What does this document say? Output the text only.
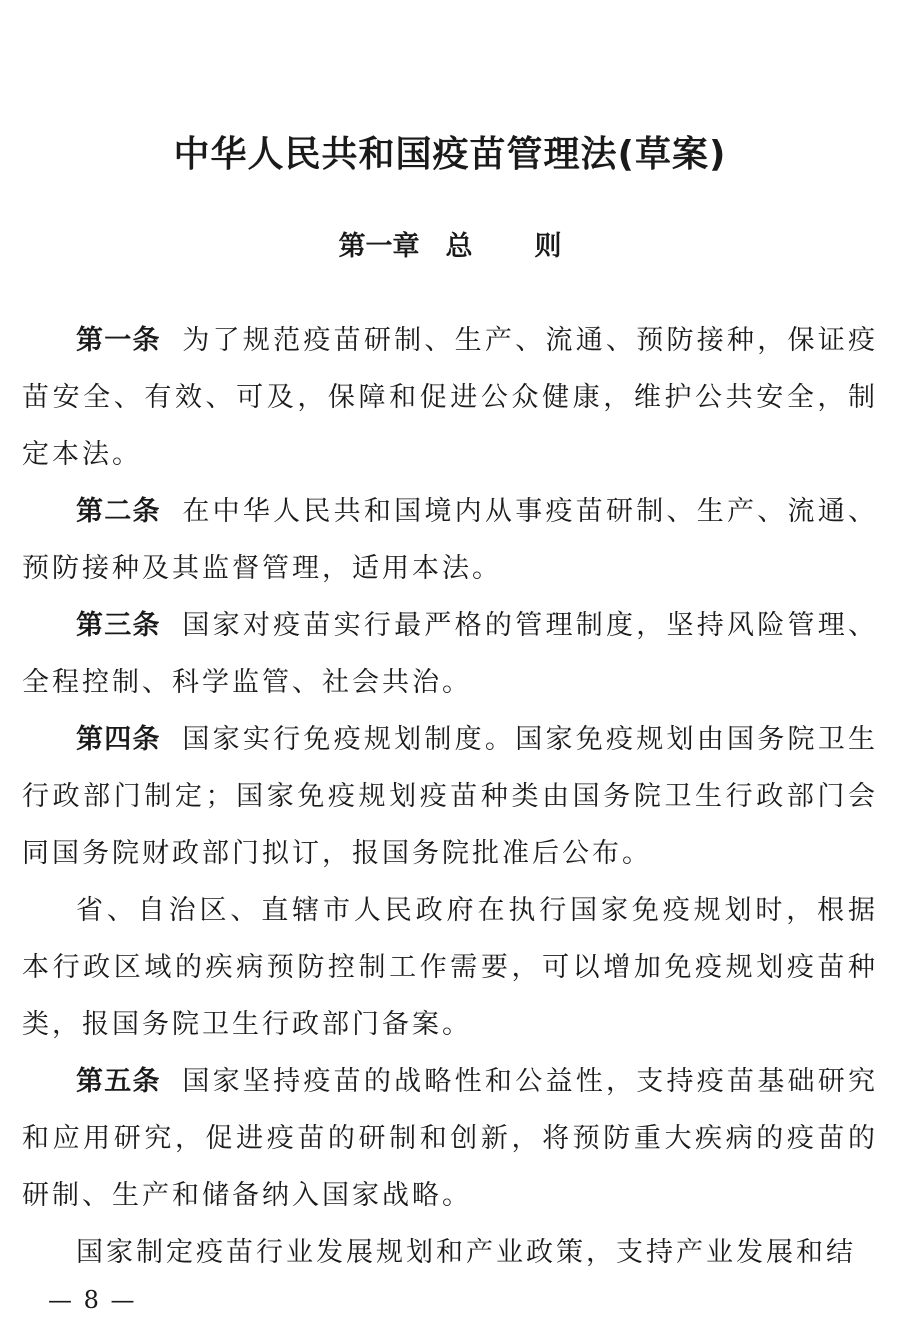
中华人民共和国疫苗管理法(草案)
第一章 总 则

第一条 为了规范疫苗研制、生产、流通、预防接种，保证疫苗安全、有效、可及，保障和促进公众健康，维护公共安全，制定本法。

第二条 在中华人民共和国境内从事疫苗研制、生产、流通、预防接种及其监督管理，适用本法。

第三条 国家对疫苗实行最严格的管理制度，坚持风险管理、全程控制、科学监管、社会共治。

第四条 国家实行免疫规划制度。国家免疫规划由国务院卫生行政部门制定；国家免疫规划疫苗种类由国务院卫生行政部门会同国务院财政部门拟订，报国务院批准后公布。

省、自治区、直辖市人民政府在执行国家免疫规划时，根据本行政区域的疾病预防控制工作需要，可以增加免疫规划疫苗种类，报国务院卫生行政部门备案。

第五条 国家坚持疫苗的战略性和公益性，支持疫苗基础研究和应用研究，促进疫苗的研制和创新，将预防重大疾病的疫苗的研制、生产和储备纳入国家战略。

国家制定疫苗行业发展规划和产业政策，支持产业发展和结

— 8 —
